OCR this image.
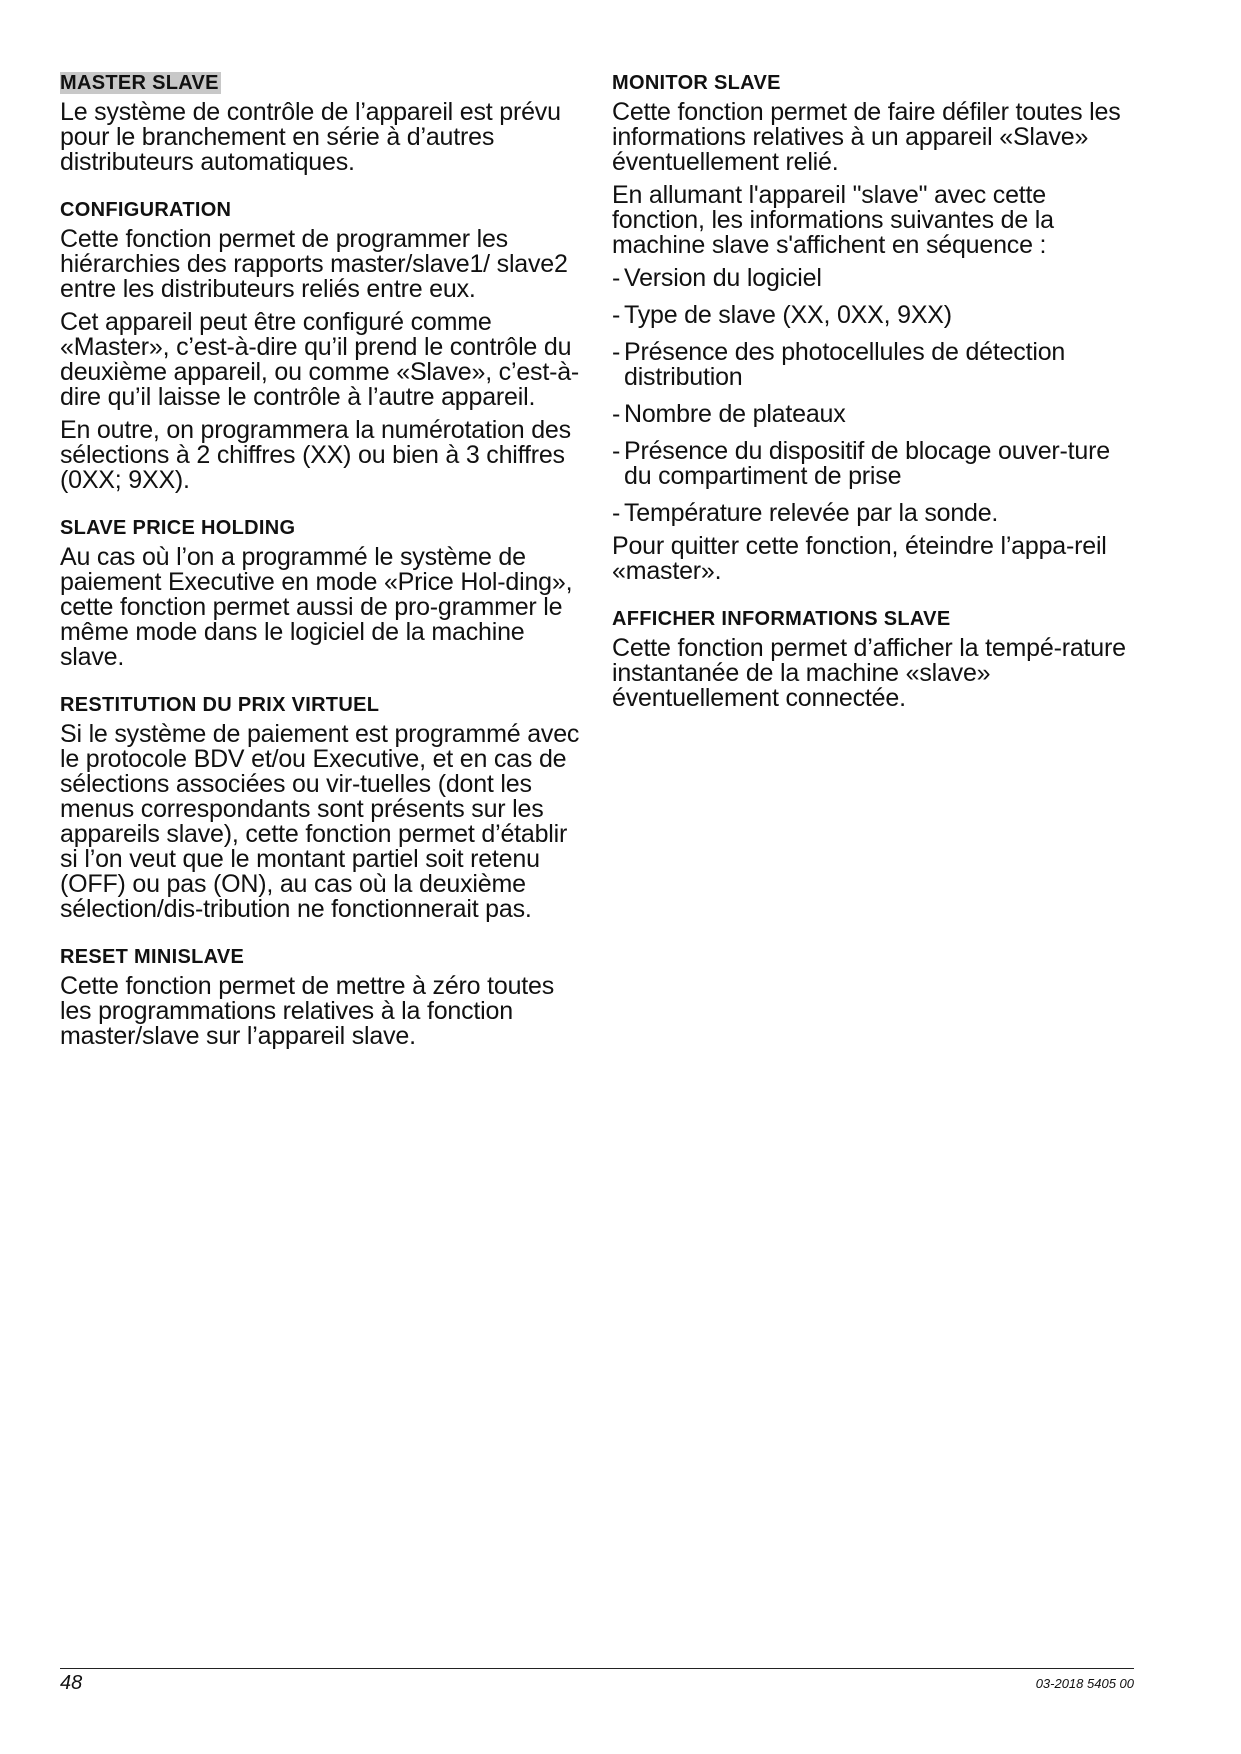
MASTER SLAVE

Le système de contrôle de l’appareil est prévu pour le branchement en série à d’autres distributeurs automatiques.

CONFIGURATION

Cette fonction permet de programmer les hiérarchies des rapports master/slave1/ slave2 entre les distributeurs reliés entre eux.

Cet appareil peut être configuré comme «Master», c’est-à-dire qu’il prend le contrôle du deuxième appareil, ou comme «Slave», c’est-à-dire qu’il laisse le contrôle à l’autre appareil.

En outre, on programmera la numérotation des sélections à 2 chiffres (XX) ou bien à 3 chiffres (0XX; 9XX).

SLAVE PRICE HOLDING

Au cas où l’on a programmé le système de paiement Executive en mode «Price Hol-ding», cette fonction permet aussi de pro-grammer le même mode dans le logiciel de la machine slave.

RESTITUTION DU PRIX VIRTUEL

Si le système de paiement est programmé avec le protocole BDV et/ou Executive, et en cas de sélections associées ou vir-tuelles (dont les menus correspondants sont présents sur les appareils slave), cette fonction permet d’établir si l’on veut que le montant partiel soit retenu (OFF) ou pas (ON), au cas où la deuxième sélection/dis-tribution ne fonctionnerait pas.

RESET MINISLAVE

Cette fonction permet de mettre à zéro toutes les programmations relatives à la fonction master/slave sur l’appareil slave.

MONITOR SLAVE

Cette fonction permet de faire défiler toutes les informations relatives à un appareil «Slave» éventuellement relié.

En allumant l'appareil "slave" avec cette fonction, les informations suivantes de la machine slave s'affichent en séquence :

- Version du logiciel
- Type de slave (XX, 0XX, 9XX)
- Présence des photocellules de détection distribution
- Nombre de plateaux
- Présence du dispositif de blocage ouver-ture du compartiment de prise
- Température relevée par la sonde.

Pour quitter cette fonction, éteindre l’appa-reil «master».

AFFICHER INFORMATIONS SLAVE

Cette fonction permet d’afficher la tempé-rature instantanée de la machine «slave» éventuellement connectée.

48	03-2018 5405 00
